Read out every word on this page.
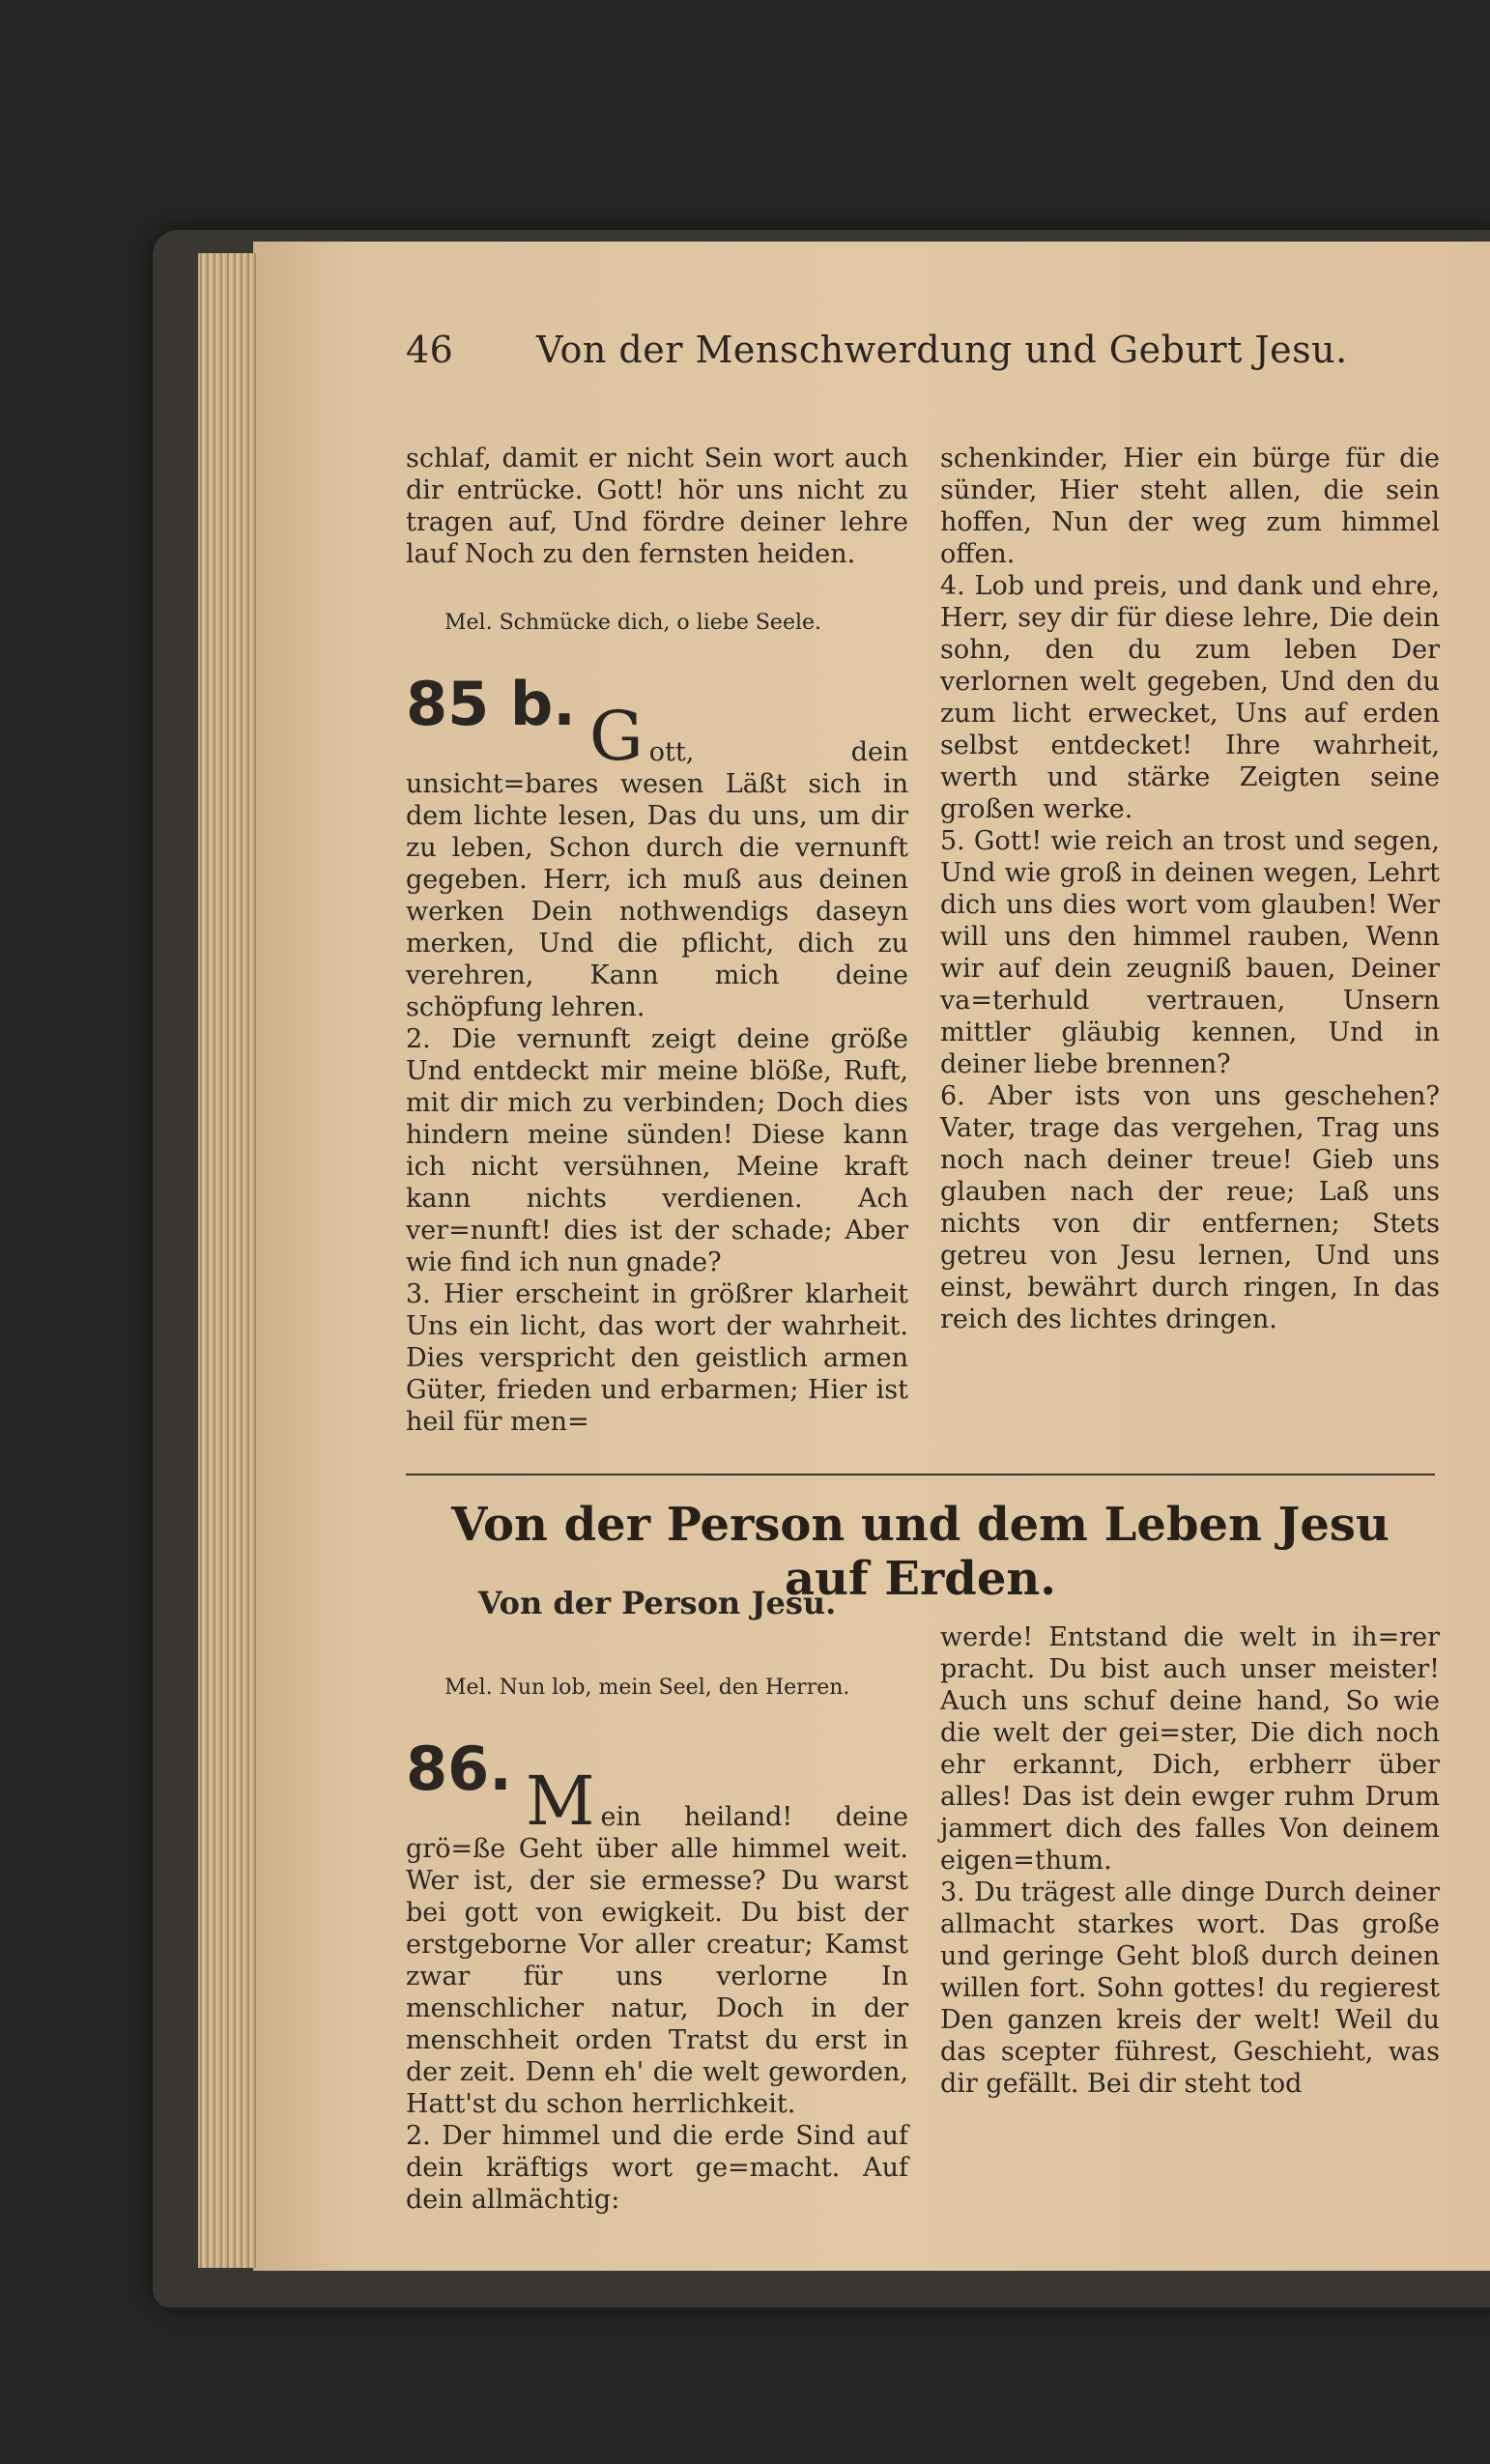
46 Von der Menschwerdung und Geburt Jesu.

schlaf, damit er nicht Sein wort auch dir entrücke. Gott! hör uns nicht zu tragen auf, Und fördre deiner lehre lauf Noch zu den fernsten heiden.

Mel. Schmücke dich, o liebe Seele.

85 b. G ott, dein unsicht=bares wesen Läßt sich in dem lichte lesen, Das du uns, um dir zu leben, Schon durch die vernunft gegeben. Herr, ich muß aus deinen werken Dein nothwendigs daseyn merken, Und die pflicht, dich zu verehren, Kann mich deine schöpfung lehren.
2. Die vernunft zeigt deine größe Und entdeckt mir meine blöße, Ruft, mit dir mich zu verbinden; Doch dies hindern meine sünden! Diese kann ich nicht versühnen, Meine kraft kann nichts verdienen. Ach ver=nunft! dies ist der schade; Aber wie find ich nun gnade?
3. Hier erscheint in größrer klarheit Uns ein licht, das wort der wahrheit. Dies verspricht den geistlich armen Güter, frieden und erbarmen; Hier ist heil für men=

schenkinder, Hier ein bürge für die sünder, Hier steht allen, die sein hoffen, Nun der weg zum himmel offen.
4. Lob und preis, und dank und ehre, Herr, sey dir für diese lehre, Die dein sohn, den du zum leben Der verlornen welt gegeben, Und den du zum licht erwecket, Uns auf erden selbst entdecket! Ihre wahrheit, werth und stärke Zeigten seine großen werke.
5. Gott! wie reich an trost und segen, Und wie groß in deinen wegen, Lehrt dich uns dies wort vom glauben! Wer will uns den himmel rauben, Wenn wir auf dein zeugniß bauen, Deiner va=terhuld vertrauen, Unsern mittler gläubig kennen, Und in deiner liebe brennen?
6. Aber ists von uns geschehen? Vater, trage das vergehen, Trag uns noch nach deiner treue! Gieb uns glauben nach der reue; Laß uns nichts von dir entfernen; Stets getreu von Jesu lernen, Und uns einst, bewährt durch ringen, In das reich des lichtes dringen.

Von der Person und dem Leben Jesu auf Erden.
Von der Person Jesu.

Mel. Nun lob, mein Seel, den Herren.

86. M ein heiland! deine grö=ße Geht über alle himmel weit. Wer ist, der sie ermesse? Du warst bei gott von ewigkeit. Du bist der erstgeborne Vor aller creatur; Kamst zwar für uns verlorne In menschlicher natur, Doch in der menschheit orden Tratst du erst in der zeit. Denn eh' die welt geworden, Hatt'st du schon herrlichkeit.
2. Der himmel und die erde Sind auf dein kräftigs wort ge=macht. Auf dein allmächtig:

werde! Entstand die welt in ih=rer pracht. Du bist auch unser meister! Auch uns schuf deine hand, So wie die welt der gei=ster, Die dich noch ehr erkannt, Dich, erbherr über alles! Das ist dein ewger ruhm Drum jammert dich des falles Von deinem eigen=thum.
3. Du trägest alle dinge Durch deiner allmacht starkes wort. Das große und geringe Geht bloß durch deinen willen fort. Sohn gottes! du regierest Den ganzen kreis der welt! Weil du das scepter führest, Geschieht, was dir gefällt. Bei dir steht tod
